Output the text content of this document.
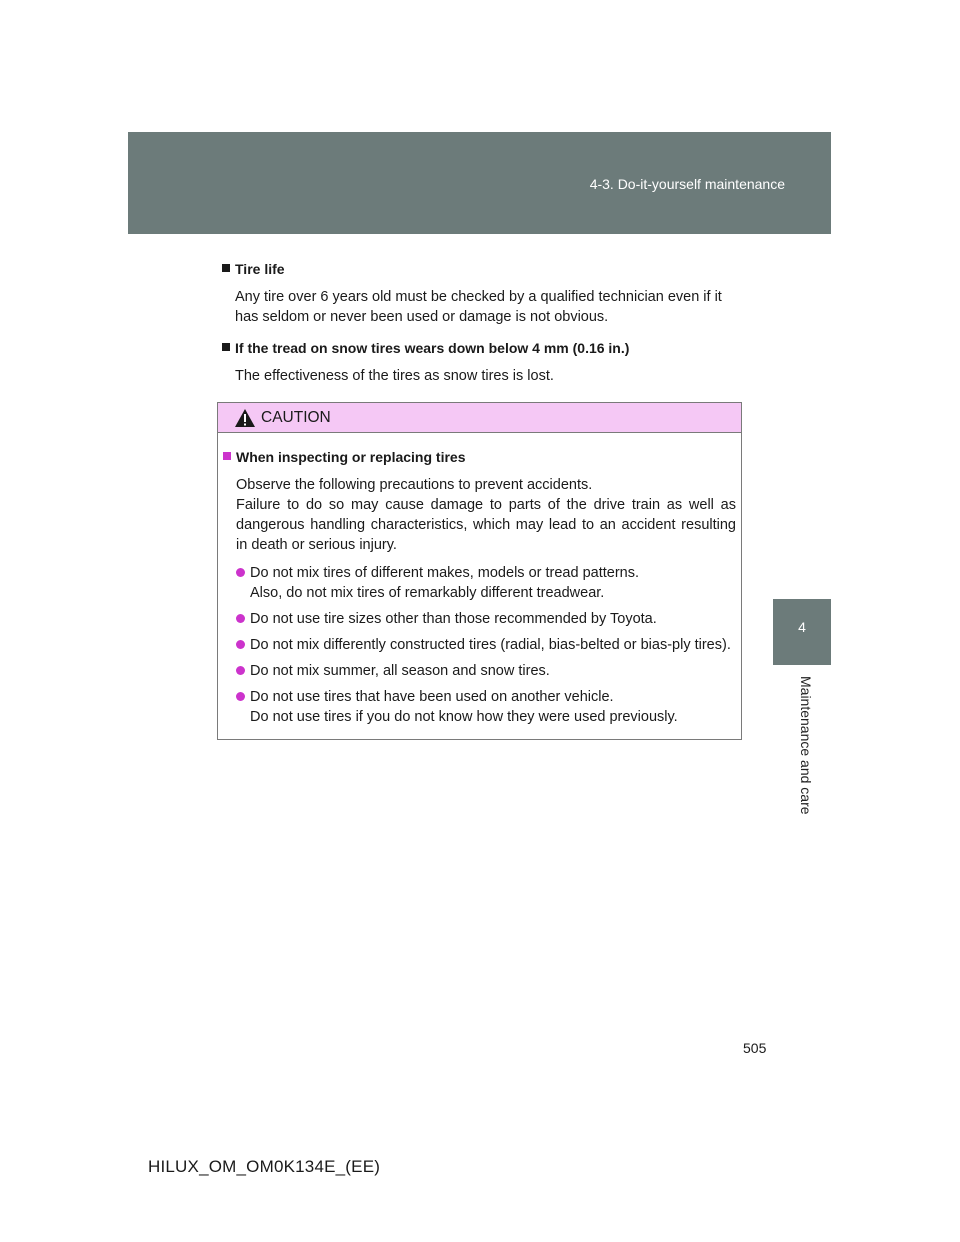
4-3. Do-it-yourself maintenance
4
Maintenance and care

Tire life

Any tire over 6 years old must be checked by a qualified technician even if it has seldom or never been used or damage is not obvious.

If the tread on snow tires wears down below 4 mm (0.16 in.)

The effectiveness of the tires as snow tires is lost.

CAUTION

When inspecting or replacing tires

Observe the following precautions to prevent accidents.
Failure to do so may cause damage to parts of the drive train as well as dangerous handling characteristics, which may lead to an accident resulting in death or serious injury.

Do not mix tires of different makes, models or tread patterns.
Also, do not mix tires of remarkably different treadwear.
Do not use tire sizes other than those recommended by Toyota.
Do not mix differently constructed tires (radial, bias-belted or bias-ply tires).
Do not mix summer, all season and snow tires.
Do not use tires that have been used on another vehicle.
Do not use tires if you do not know how they were used previously.
505
HILUX_OM_OM0K134E_(EE)
